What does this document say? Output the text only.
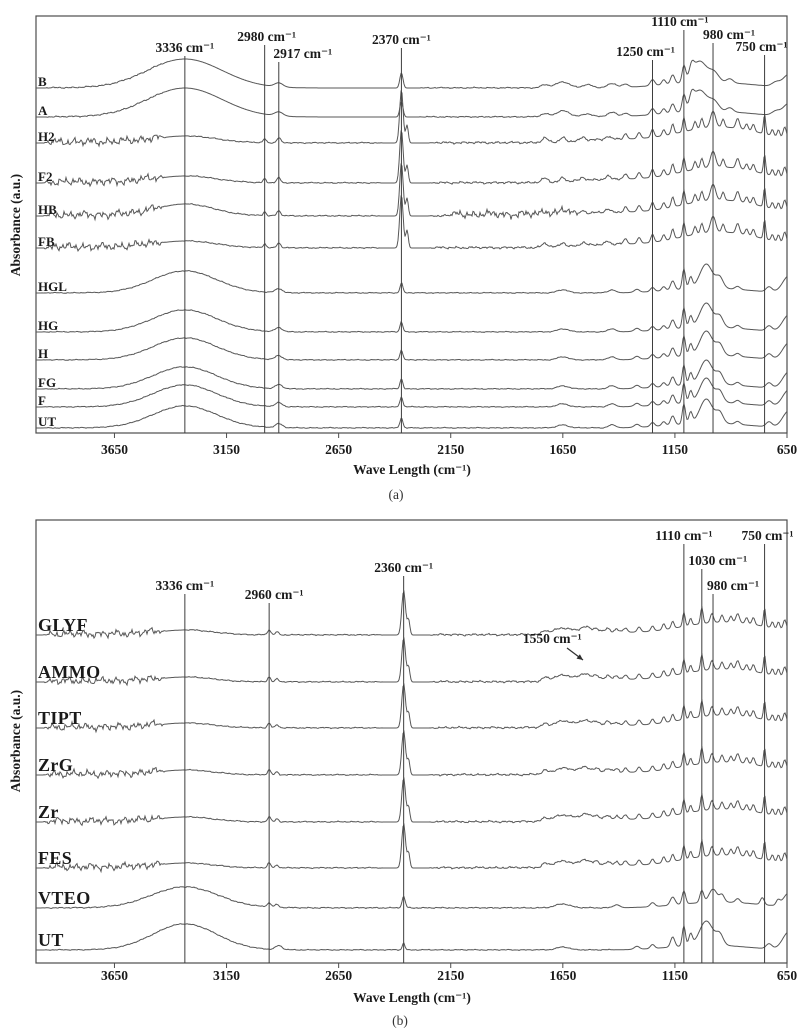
Absorbance (a.u.)
Absorbance (a.u.)
Wave Length (cm⁻¹)
Wave Length (cm⁻¹)
(a)
(b)
3650	3150	2650	2150	1650	1150	650
B
A
H2
F2
HB
FB
HGL
HG
H
FG
F
UT
3336 cm⁻¹
2980 cm⁻¹
2917 cm⁻¹
2370 cm⁻¹
1250 cm⁻¹
1110 cm⁻¹
980 cm⁻¹
750 cm⁻¹
3650	3150	2650	2150	1650	1150	650
GLYF
AMMO
TIPT
ZrG
Zr
FES
VTEO
UT
3336 cm⁻¹
2960 cm⁻¹
2360 cm⁻¹
1550 cm⁻¹
1110 cm⁻¹
1030 cm⁻¹
980 cm⁻¹
750 cm⁻¹
